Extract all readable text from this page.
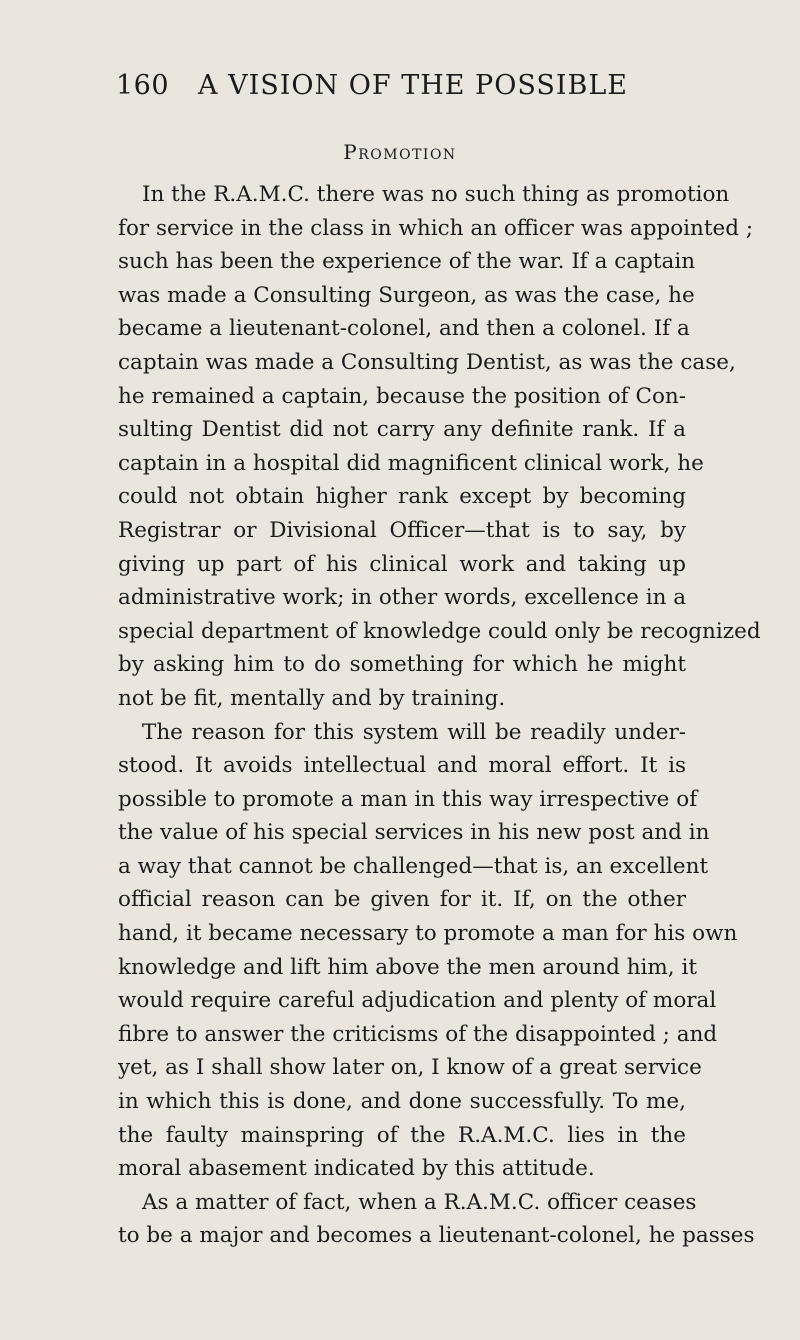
160 A VISION OF THE POSSIBLE
Promotion
In the R.A.M.C. there was no such thing as promotion
for service in the class in which an officer was appointed ;
such has been the experience of the war. If a captain
was made a Consulting Surgeon, as was the case, he
became a lieutenant-colonel, and then a colonel. If a
captain was made a Consulting Dentist, as was the case,
he remained a captain, because the position of Con-
sulting Dentist did not carry any definite rank. If a
captain in a hospital did magnificent clinical work, he
could not obtain higher rank except by becoming
Registrar or Divisional Officer—that is to say, by
giving up part of his clinical work and taking up
administrative work; in other words, excellence in a
special department of knowledge could only be recognized
by asking him to do something for which he might
not be fit, mentally and by training.
The reason for this system will be readily under-
stood. It avoids intellectual and moral effort. It is
possible to promote a man in this way irrespective of
the value of his special services in his new post and in
a way that cannot be challenged—that is, an excellent
official reason can be given for it. If, on the other
hand, it became necessary to promote a man for his own
knowledge and lift him above the men around him, it
would require careful adjudication and plenty of moral
fibre to answer the criticisms of the disappointed ; and
yet, as I shall show later on, I know of a great service
in which this is done, and done successfully. To me,
the faulty mainspring of the R.A.M.C. lies in the
moral abasement indicated by this attitude.
As a matter of fact, when a R.A.M.C. officer ceases
to be a major and becomes a lieutenant-colonel, he passes
